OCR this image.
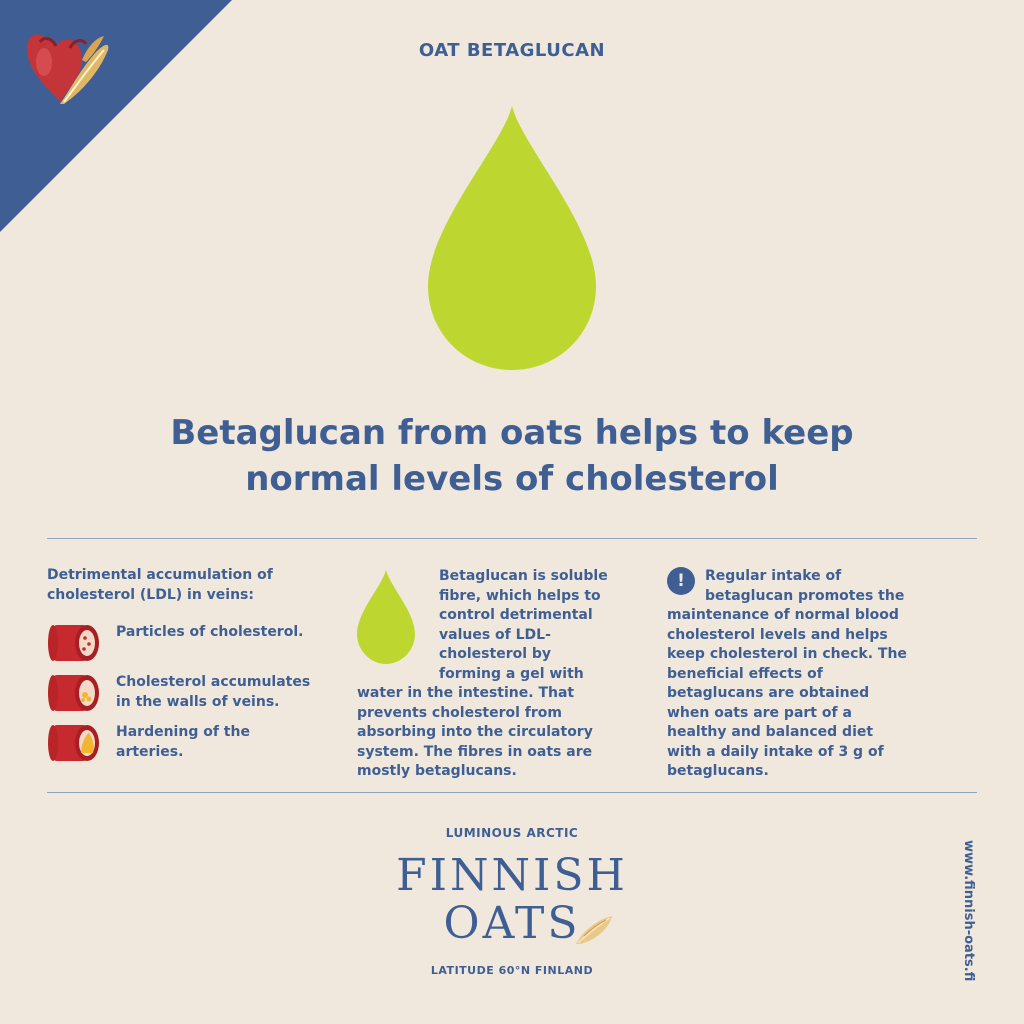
OAT BETAGLUCAN
Betaglucan from oats helps to keep normal levels of cholesterol

Detrimental accumulation of cholesterol (LDL) in veins:

Particles of cholesterol.
Cholesterol accumulates in the walls of veins.
Hardening of the arteries.
Betaglucan is soluble fibre, which helps to control detrimental values of LDL-cholesterol by forming a gel with water in the intestine. That prevents cholesterol from absorbing into the circulatory system. The fibres in oats are mostly betaglucans.
!	Regular intake of betaglucan promotes the maintenance of normal blood cholesterol levels and helps keep cholesterol in check. The beneficial effects of betaglucans are obtained when oats are part of a healthy and balanced diet with a daily intake of 3 g of betaglucans.
LUMINOUS ARCTIC
FINNISH
OATS
LATITUDE 60°N FINLAND	www.finnish-oats.fi
